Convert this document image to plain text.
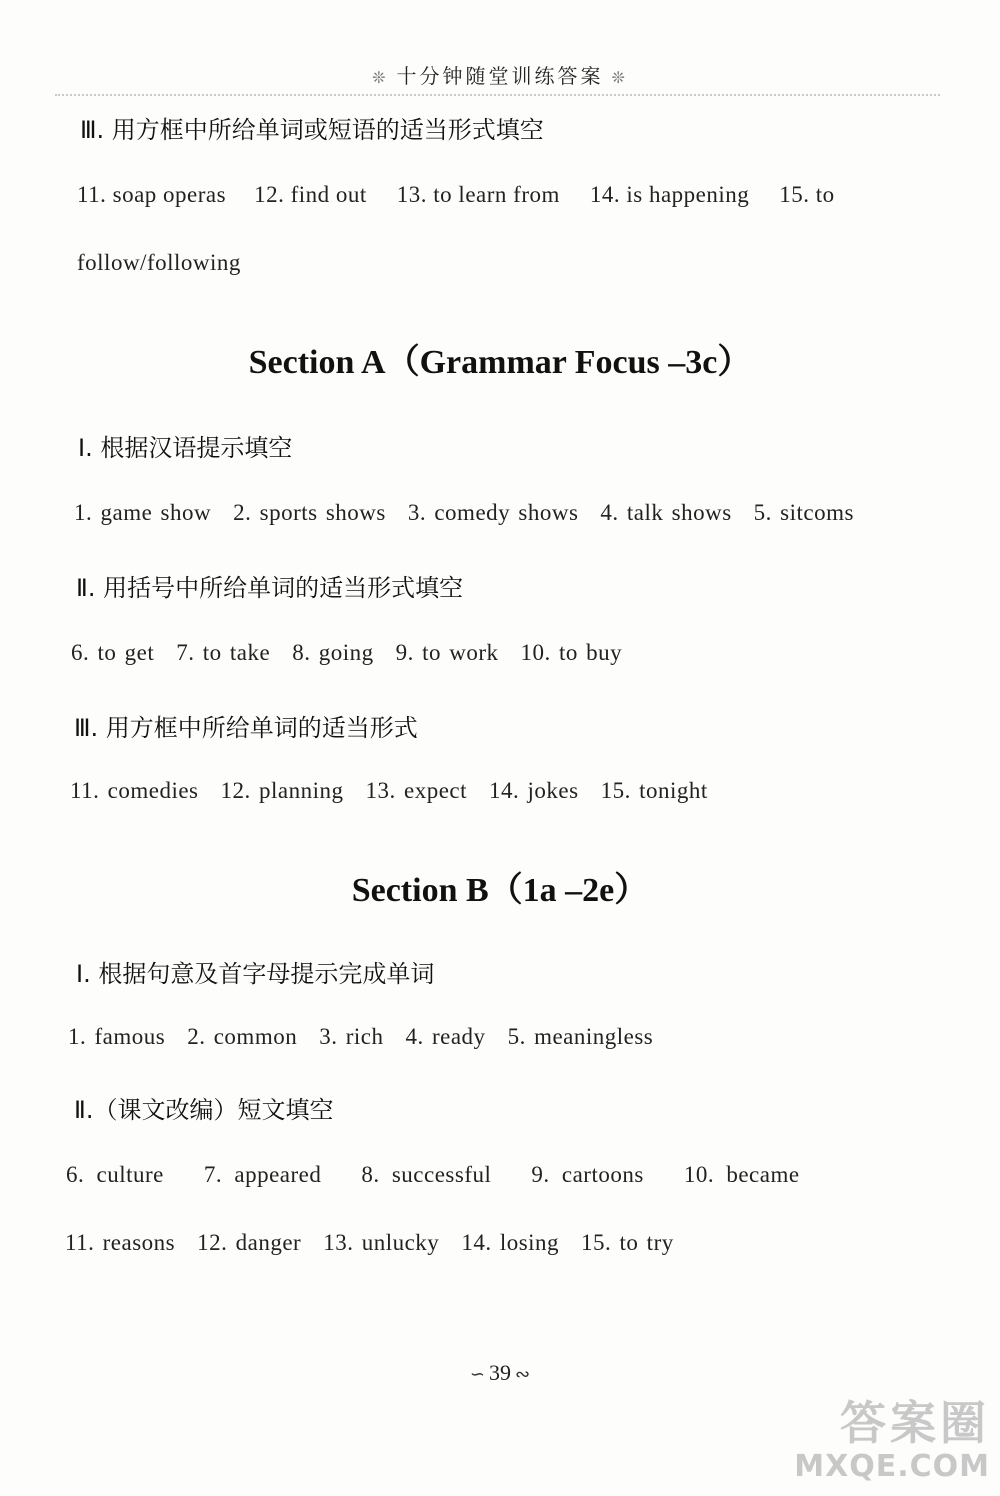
❊ 十分钟随堂训练答案 ❊
Ⅲ. 用方框中所给单词或短语的适当形式填空
11. soap operas 12. find out 13. to learn from 14. is happening 15. to
follow/following
Section A（Grammar Focus –3c）
Ⅰ. 根据汉语提示填空
1. game show 2. sports shows 3. comedy shows 4. talk shows 5. sitcoms
Ⅱ. 用括号中所给单词的适当形式填空
6. to get 7. to take 8. going 9. to work 10. to buy
Ⅲ. 用方框中所给单词的适当形式
11. comedies 12. planning 13. expect 14. jokes 15. tonight
Section B（1a –2e）
Ⅰ. 根据句意及首字母提示完成单词
1. famous 2. common 3. rich 4. ready 5. meaningless
Ⅱ.（课文改编）短文填空
6. culture 7. appeared 8. successful 9. cartoons 10. became
11. reasons 12. danger 13. unlucky 14. losing 15. to try
∽ 39 ∾
答案圈
MXQE.COM
